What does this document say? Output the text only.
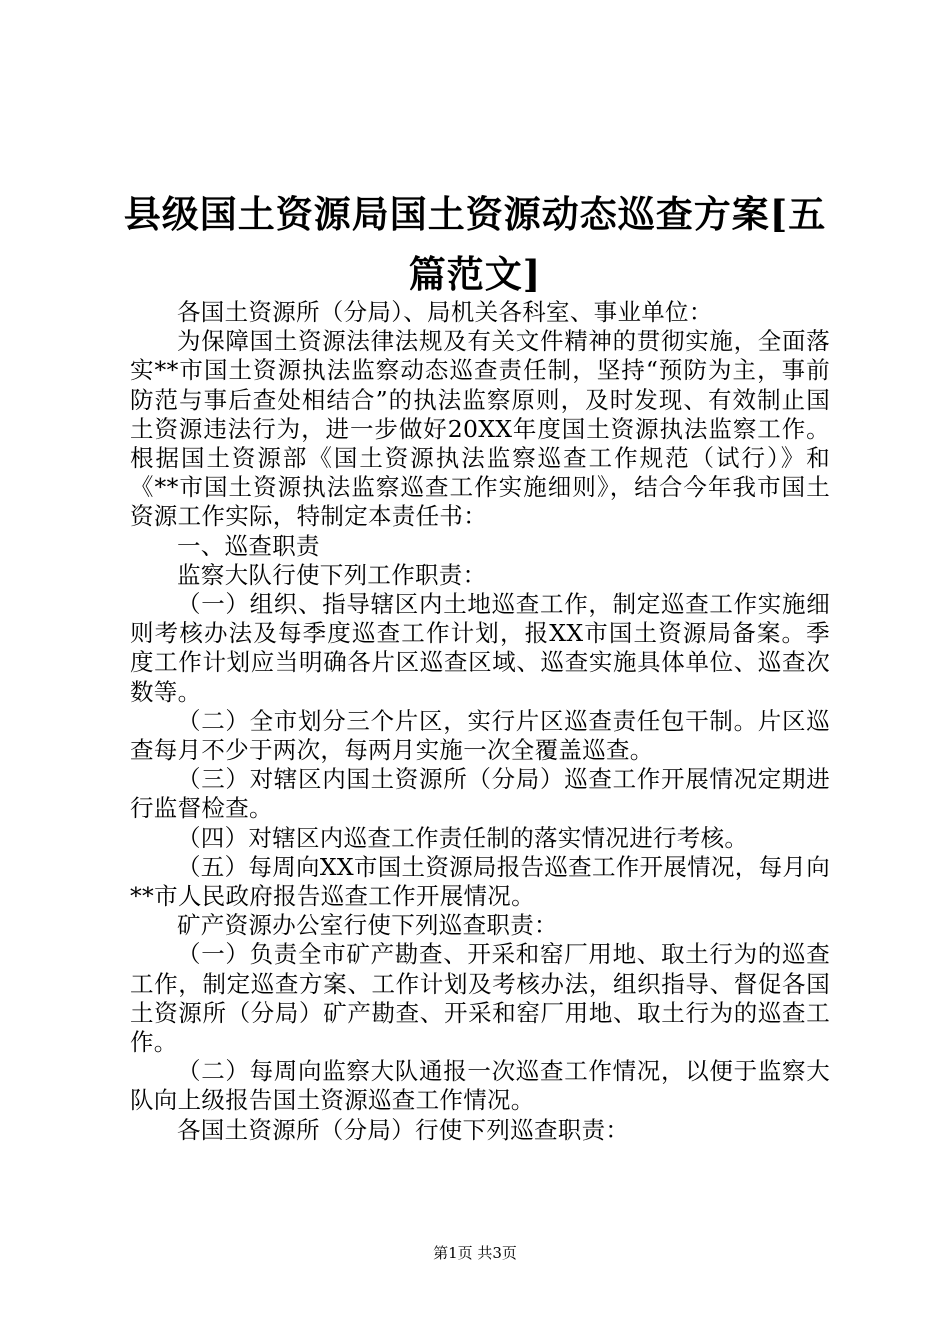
县级国土资源局国土资源动态巡查方案[五篇范文]

各国土资源所（分局）、局机关各科室、事业单位：

为保障国土资源法律法规及有关文件精神的贯彻实施，全面落实**市国土资源执法监察动态巡查责任制，坚持“预防为主，事前防范与事后查处相结合”的执法监察原则，及时发现、有效制止国土资源违法行为，进一步做好20XX年度国土资源执法监察工作。根据国土资源部《国土资源执法监察巡查工作规范（试行）》和《**市国土资源执法监察巡查工作实施细则》，结合今年我市国土资源工作实际，特制定本责任书：

一、巡查职责

监察大队行使下列工作职责：

（一）组织、指导辖区内土地巡查工作，制定巡查工作实施细则考核办法及每季度巡查工作计划，报XX市国土资源局备案。季度工作计划应当明确各片区巡查区域、巡查实施具体单位、巡查次数等。

（二）全市划分三个片区，实行片区巡查责任包干制。片区巡查每月不少于两次，每两月实施一次全覆盖巡查。

（三）对辖区内国土资源所（分局）巡查工作开展情况定期进行监督检查。

（四）对辖区内巡查工作责任制的落实情况进行考核。

（五）每周向XX市国土资源局报告巡查工作开展情况，每月向**市人民政府报告巡查工作开展情况。

矿产资源办公室行使下列巡查职责：

（一）负责全市矿产勘查、开采和窑厂用地、取土行为的巡查工作，制定巡查方案、工作计划及考核办法，组织指导、督促各国土资源所（分局）矿产勘查、开采和窑厂用地、取土行为的巡查工作。

（二）每周向监察大队通报一次巡查工作情况，以便于监察大队向上级报告国土资源巡查工作情况。

各国土资源所（分局）行使下列巡查职责：

第1页 共3页
